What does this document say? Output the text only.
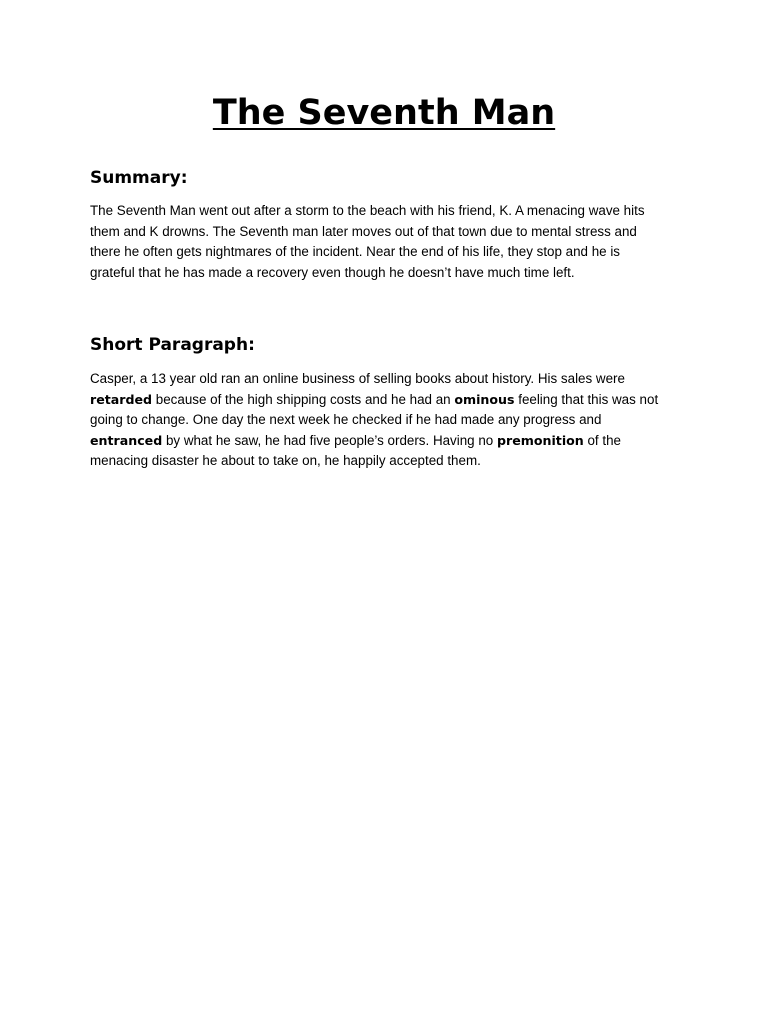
The Seventh Man
Summary:

The Seventh Man went out after a storm to the beach with his friend, K. A menacing wave hits
them and K drowns. The Seventh man later moves out of that town due to mental stress and
there he often gets nightmares of the incident. Near the end of his life, they stop and he is
grateful that he has made a recovery even though he doesn’t have much time left.

Short Paragraph:

Casper, a 13 year old ran an online business of selling books about history. His sales were
retarded because of the high shipping costs and he had an ominous feeling that this was not
going to change. One day the next week he checked if he had made any progress and
entranced by what he saw, he had five people’s orders. Having no premonition of the
menacing disaster he about to take on, he happily accepted them.
